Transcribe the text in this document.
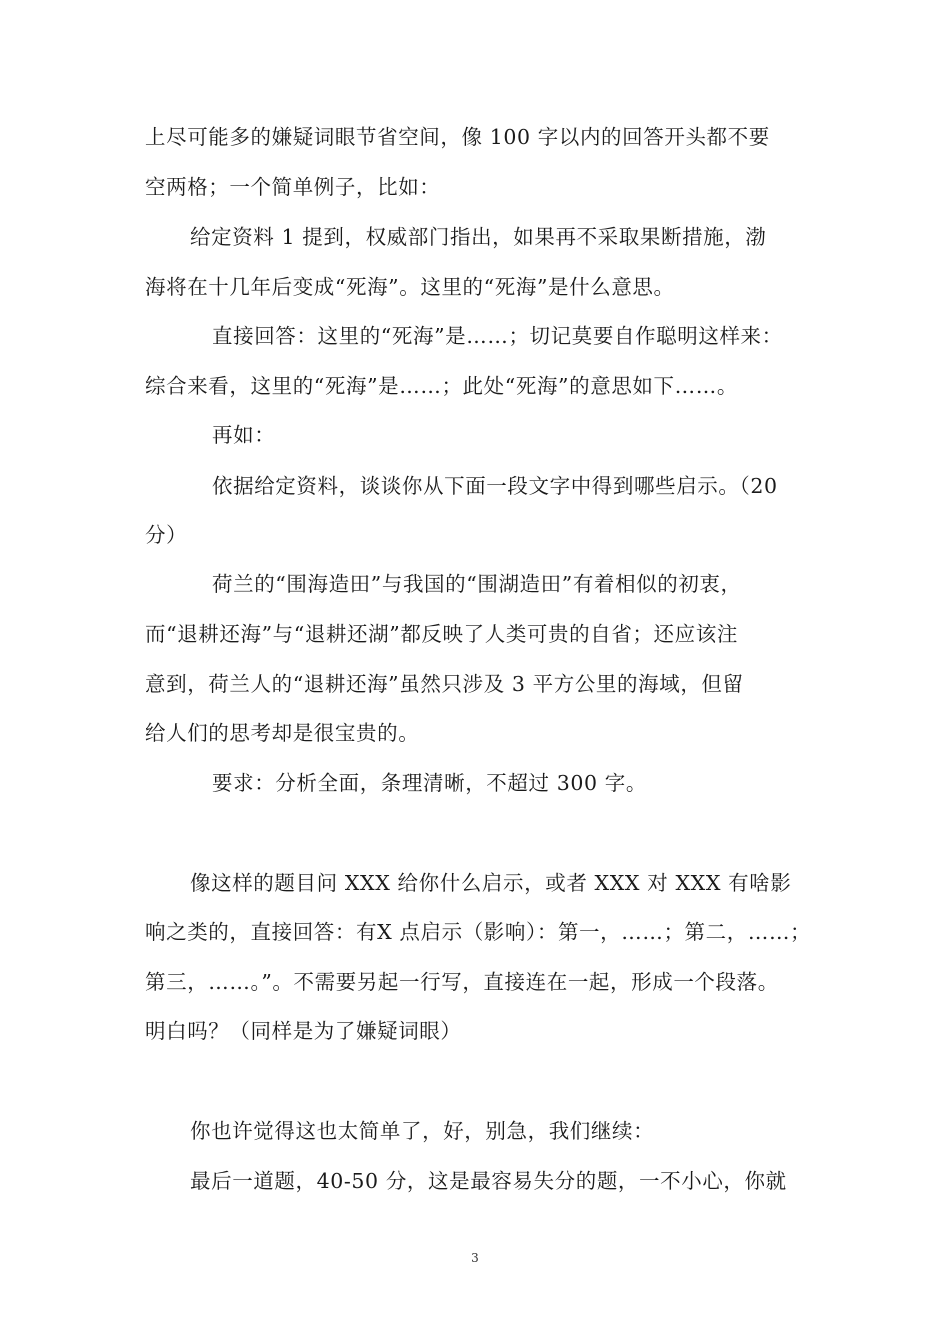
上尽可能多的嫌疑词眼节省空间，像 100 字以内的回答开头都不要
空两格；一个简单例子，比如：
给定资料 1 提到，权威部门指出，如果再不采取果断措施，渤
海将在十几年后变成“死海”。这里的“死海”是什么意思。
直接回答：这里的“死海”是……；切记莫要自作聪明这样来：
综合来看，这里的“死海”是……；此处“死海”的意思如下……。
再如：
依据给定资料，谈谈你从下面一段文字中得到哪些启示。（20
分）
荷兰的“围海造田”与我国的“围湖造田”有着相似的初衷，
而“退耕还海”与“退耕还湖”都反映了人类可贵的自省；还应该注
意到，荷兰人的“退耕还海”虽然只涉及 3 平方公里的海域，但留
给人们的思考却是很宝贵的。
要求：分析全面，条理清晰，不超过 300 字。
像这样的题目问 XXX 给你什么启示，或者 XXX 对 XXX 有啥影
响之类的，直接回答：有X 点启示（影响）：第一，……；第二，……；
第三，……。”。不需要另起一行写，直接连在一起，形成一个段落。
明白吗？（同样是为了嫌疑词眼）
你也许觉得这也太简单了，好，别急，我们继续：
最后一道题，40-50 分，这是最容易失分的题，一不小心，你就
3
